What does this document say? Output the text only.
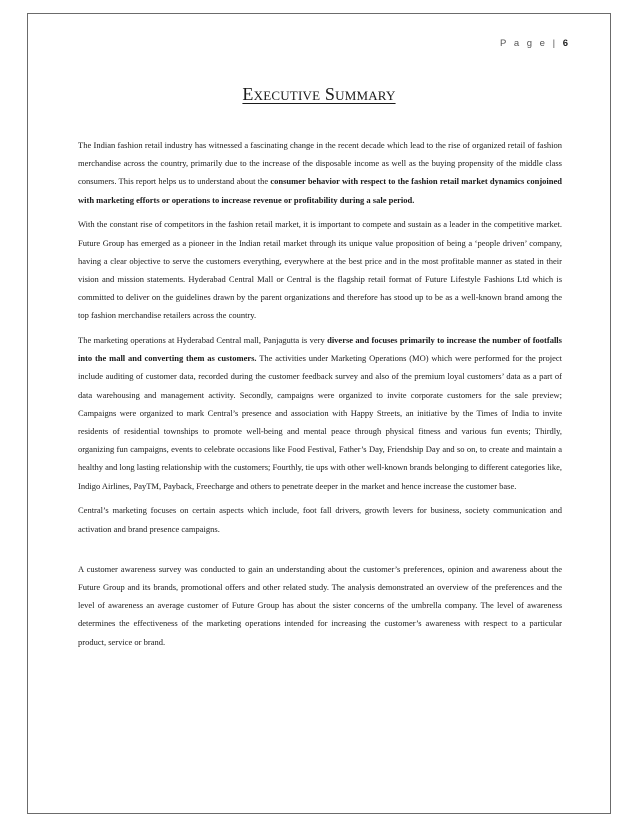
P a g e | 6
Executive Summary

The Indian fashion retail industry has witnessed a fascinating change in the recent decade which lead to the rise of organized retail of fashion merchandise across the country, primarily due to the increase of the disposable income as well as the buying propensity of the middle class consumers. This report helps us to understand about the consumer behavior with respect to the fashion retail market dynamics conjoined with marketing efforts or operations to increase revenue or profitability during a sale period.

With the constant rise of competitors in the fashion retail market, it is important to compete and sustain as a leader in the competitive market. Future Group has emerged as a pioneer in the Indian retail market through its unique value proposition of being a ‘people driven’ company, having a clear objective to serve the customers everything, everywhere at the best price and in the most profitable manner as stated in their vision and mission statements. Hyderabad Central Mall or Central is the flagship retail format of Future Lifestyle Fashions Ltd which is committed to deliver on the guidelines drawn by the parent organizations and therefore has stood up to be as a well-known brand among the top fashion merchandise retailers across the country.

The marketing operations at Hyderabad Central mall, Panjagutta is very diverse and focuses primarily to increase the number of footfalls into the mall and converting them as customers. The activities under Marketing Operations (MO) which were performed for the project include auditing of customer data, recorded during the customer feedback survey and also of the premium loyal customers’ data as a part of data warehousing and management activity. Secondly, campaigns were organized to invite corporate customers for the sale preview; Campaigns were organized to mark Central’s presence and association with Happy Streets, an initiative by the Times of India to invite residents of residential townships to promote well-being and mental peace through physical fitness and various fun events; Thirdly, organizing fun campaigns, events to celebrate occasions like Food Festival, Father’s Day, Friendship Day and so on, to create and maintain a healthy and long lasting relationship with the customers; Fourthly, tie ups with other well-known brands belonging to different categories like, Indigo Airlines, PayTM, Payback, Freecharge and others to penetrate deeper in the market and hence increase the customer base.

Central’s marketing focuses on certain aspects which include, foot fall drivers, growth levers for business, society communication and activation and brand presence campaigns.

A customer awareness survey was conducted to gain an understanding about the customer’s preferences, opinion and awareness about the Future Group and its brands, promotional offers and other related study. The analysis demonstrated an overview of the preferences and the level of awareness an average customer of Future Group has about the sister concerns of the umbrella company. The level of awareness determines the effectiveness of the marketing operations intended for increasing the customer’s awareness with respect to a particular product, service or brand.
